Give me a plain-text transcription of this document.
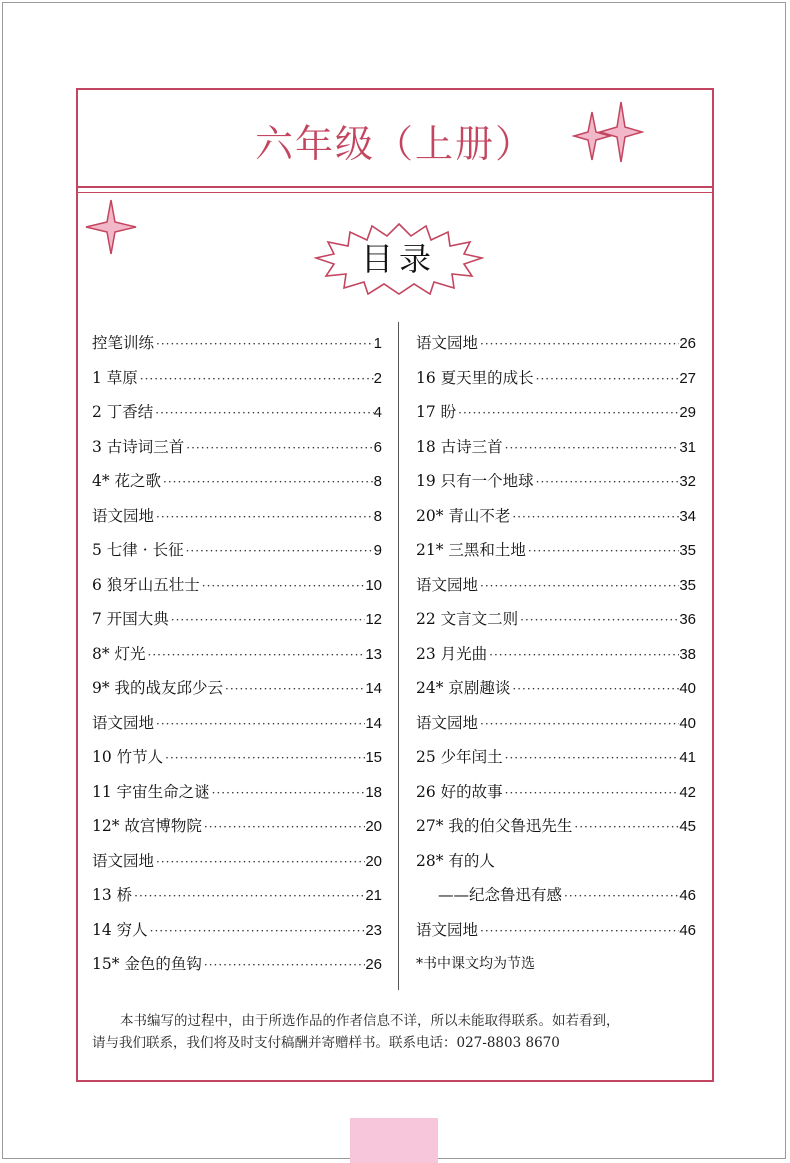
六年级（上册）
目录
控笔训练 ·····	1
1 草原 ·····	2
2 丁香结 ·····	4
3 古诗词三首 ·····	6
4* 花之歌 ·····	8
语文园地 ·····	8
5 七律 · 长征 ·····	9
6 狼牙山五壮士 ·····	10
7 开国大典 ·····	12
8* 灯光 ·····	13
9* 我的战友邱少云 ·····	14
语文园地 ·····	14
10 竹节人 ·····	15
11 宇宙生命之谜 ·····	18
12* 故宫博物院 ·····	20
语文园地 ·····	20
13 桥 ·····	21
14 穷人 ·····	23
15* 金色的鱼钩 ·····	26
语文园地 ·····	26
16 夏天里的成长 ·····	27
17 盼 ·····	29
18 古诗三首 ·····	31
19 只有一个地球 ·····	32
20* 青山不老 ·····	34
21* 三黑和土地 ·····	35
语文园地 ·····	35
22 文言文二则 ·····	36
23 月光曲 ·····	38
24* 京剧趣谈 ·····	40
语文园地 ·····	40
25 少年闰土 ·····	41
26 好的故事 ·····	42
27* 我的伯父鲁迅先生 ·····	45
28* 有的人
——纪念鲁迅有感 ·····	46
语文园地 ·····	46
*书中课文均为节选
本书编写的过程中，由于所选作品的作者信息不详，所以未能取得联系。如若看到，
请与我们联系，我们将及时支付稿酬并寄赠样书。联系电话：027-8803 8670
